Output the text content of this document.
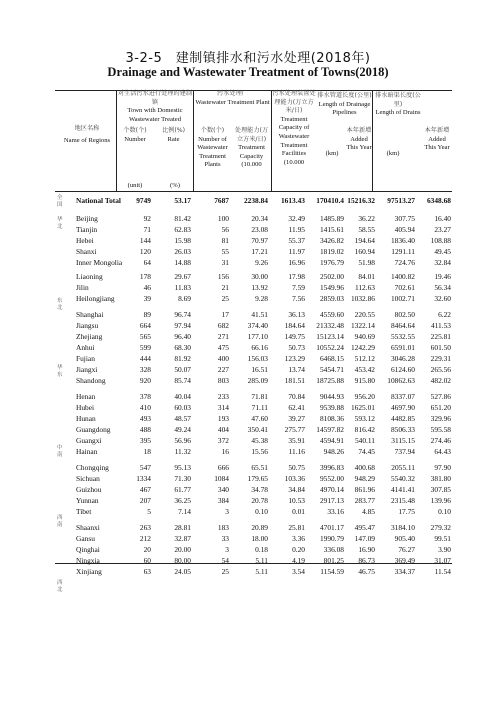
3-2-5　建制镇排水和污水处理(2018年)
Drainage and Wastewater Treatment of Towns(2018)
地区名称
Name of Regions
对生活污水进行处理的建制镇
Town with Domestic Wastewater Treated
个数(个)
Number
比例(%)
Rate
(unit)	(%)
污水处理厂
Wastewater Treatment Plant
个数(个)
Number of Wastewater Treatment Plants
处理能力(万立方米/日)
Treatment Capacity (10.000
污水处理装置处理能力(万立方米/日)
Treatment Capacity of Wastewater Treatment Facilities (10.000
排水管道长度(公里)
Length of Drainage Pipelines
(km)
本年新增
Added This Year
排水暗渠长度(公里)
Length of Drains
(km)
本年新增
Added This Year
全国
华北
东北
华东
中南
西南
西北
National Total 9749	53.17	7687 2238.84 1613.43 170410.4 15216.32 97513.27 6348.68
Beijing	92	81.42	100	20.34	32.49 1485.89 36.22	307.75	16.40
Tianjin	71	62.83	56	23.08	11.95 1415.61 58.55	405.94	23.27
Hebei	144	15.98	81	70.97	55.37 3426.82 194.64 1836.40 108.88
Shanxi	120	26.03	55	17.21	11.97 1819.02 160.94 1291.11	49.45
Inner Mongolia	64	14.88	31	9.26	16.96 1976.79 51.98	724.76	32.84
Liaoning	178	29.67	156	30.00	17.98 2502.00 84.01 1400.82	19.46
Jilin	46	11.83	21	13.92	7.59 1549.96 112.63	702.61	56.34
Heilongjiang	39	8.69	25	9.28	7.56 2859.03 1032.86 1002.71	32.60
Shanghai	89	96.74	17	41.51	36.13 4559.60 220.55	802.50	6.22
Jiangsu	664	97.94	682	374.40 184.64 21332.48 1322.14 8464.64 411.53
Zhejiang	565	96.40	271	177.10 149.75 15123.14 940.69 5532.55 225.81
Anhui	599	68.30	475	66.16	50.73 10552.24 1242.29 6591.01 601.50
Fujian	444	81.92	400	156.03 123.29 6468.15 512.12 3046.28 229.31
Jiangxi	328	50.07	227	16.51	13.74 5454.71 453.42 6124.60 265.56
Shandong	920	85.74	803	285.09 181.51 18725.88 915.80 10862.63 482.02
Henan	378	40.04	233	71.81	70.84 9044.93 956.20 8337.07 527.86
Hubei	410	60.03	314	71.11	62.41 9539.88 1625.01 4697.90 651.20
Hunan	493	48.57	193	47.60	39.27 8108.36 593.12 4482.85 329.96
Guangdong	488	49.24	404	350.41 275.77 14597.82 816.42 8506.33 595.58
Guangxi	395	56.96	372	45.38	35.91 4594.91 540.11 3115.15 274.46
Hainan	18	11.32	16	15.56	11.16	948.26 74.45	737.94	64.43
Chongqing	547	95.13	666	65.51	50.75 3996.83 400.68 2055.11	97.90
Sichuan	1334	71.30	1084	179.65 103.36 9552.00 948.29 5540.32 381.80
Guizhou	467	61.77	340	34.78	34.84 4970.14 861.96 4141.41 307.85
Yunnan	207	36.25	384	20.78	10.53 2917.13 283.77 2315.48 139.96
Tibet	5	7.14	3	0.10	0.01	33.16 4.85	17.75	0.10
Shaanxi	263	28.81	183	20.89	25.81 4701.17 495.47 3184.10 279.32
Gansu	212	32.87	33	18.00	3.36 1990.79 147.09	905.40	99.51
Qinghai	20	20.00	3	0.18	0.20	336.08 16.90	76.27	3.90
Ningxia	60	80.00	54	5.11	4.19	801.25 86.73	369.49	31.07
Xinjiang	63	24.05	25	5.11	3.54 1154.59 46.75	334.37	11.54
